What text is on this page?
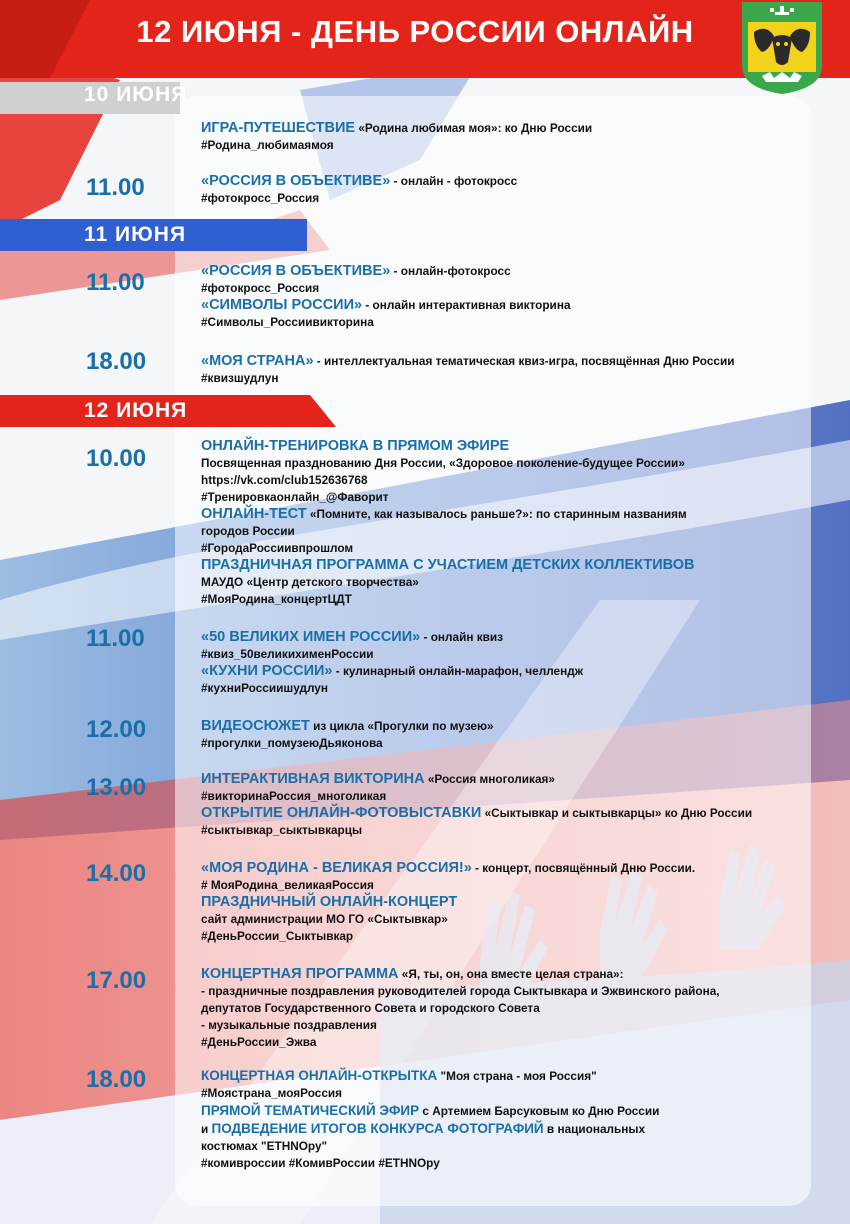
12 ИЮНЯ - ДЕНЬ РОССИИ ОНЛАЙН
10 ИЮНЯ
11 ИЮНЯ
12 ИЮНЯ
11.00
11.00
18.00
10.00
11.00
12.00
13.00
14.00
17.00
18.00
ИГРА-ПУТЕШЕСТВИЕ «Родина любимая моя»: ко Дню России
#Родина_любимаямоя
«РОССИЯ В ОБЪЕКТИВЕ» - онлайн - фотокросс
#фотокросс_Россия
«РОССИЯ В ОБЪЕКТИВЕ» - онлайн-фотокросс
#фотокросс_Россия
«СИМВОЛЫ РОССИИ» - онлайн интерактивная викторина
#Символы_Россиивикторина
«МОЯ СТРАНА» - интеллектуальная тематическая квиз-игра, посвящённая Дню России
#квизшудлун
ОНЛАЙН-ТРЕНИРОВКА В ПРЯМОМ ЭФИРЕ
Посвященная празднованию Дня России, «Здоровое поколение-будущее России»
https://vk.com/club152636768
#Тренировкаонлайн_@Фаворит
ОНЛАЙН-ТЕСТ «Помните, как называлось раньше?»: по старинным названиям
городов России
#ГородаРоссиивпрошлом
ПРАЗДНИЧНАЯ ПРОГРАММА С УЧАСТИЕМ ДЕТСКИХ КОЛЛЕКТИВОВ
МАУДО «Центр детского творчества»
#МояРодина_концертЦДТ
«50 ВЕЛИКИХ ИМЕН РОССИИ» - онлайн квиз
#квиз_50великихименРоссии
«КУХНИ РОССИИ» - кулинарный онлайн-марафон, челлендж
#кухниРоссиишудлун
ВИДЕОСЮЖЕТ из цикла «Прогулки по музею»
#прогулки_помузеюДьяконова
ИНТЕРАКТИВНАЯ ВИКТОРИНА «Россия многоликая»
#викторинаРоссия_многоликая
ОТКРЫТИЕ ОНЛАЙН-ФОТОВЫСТАВКИ «Сыктывкар и сыктывкарцы» ко Дню России
#сыктывкар_сыктывкарцы
«МОЯ РОДИНА - ВЕЛИКАЯ РОССИЯ!» - концерт, посвящённый Дню России.
# МояРодина_великаяРоссия
ПРАЗДНИЧНЫЙ ОНЛАЙН-КОНЦЕРТ
сайт администрации МО ГО «Сыктывкар»
#ДеньРоссии_Сыктывкар
КОНЦЕРТНАЯ ПРОГРАММА «Я, ты, он, она вместе целая страна»:
- праздничные поздравления руководителей города Сыктывкара и Эжвинского района,
депутатов Государственного Совета и городского Совета
- музыкальные поздравления
#ДеньРоссии_Эжва
КОНЦЕРТНАЯ ОНЛАЙН-ОТКРЫТКА "Моя страна - моя Россия"
#Моястрана_мояРоссия
ПРЯМОЙ ТЕМАТИЧЕСКИЙ ЭФИР с Артемием Барсуковым ко Дню России
и ПОДВЕДЕНИЕ ИТОГОВ КОНКУРСА ФОТОГРАФИЙ в национальных
костюмах "ETHNOру"
#комивроссии #КомивРоссии #ETHNOру
